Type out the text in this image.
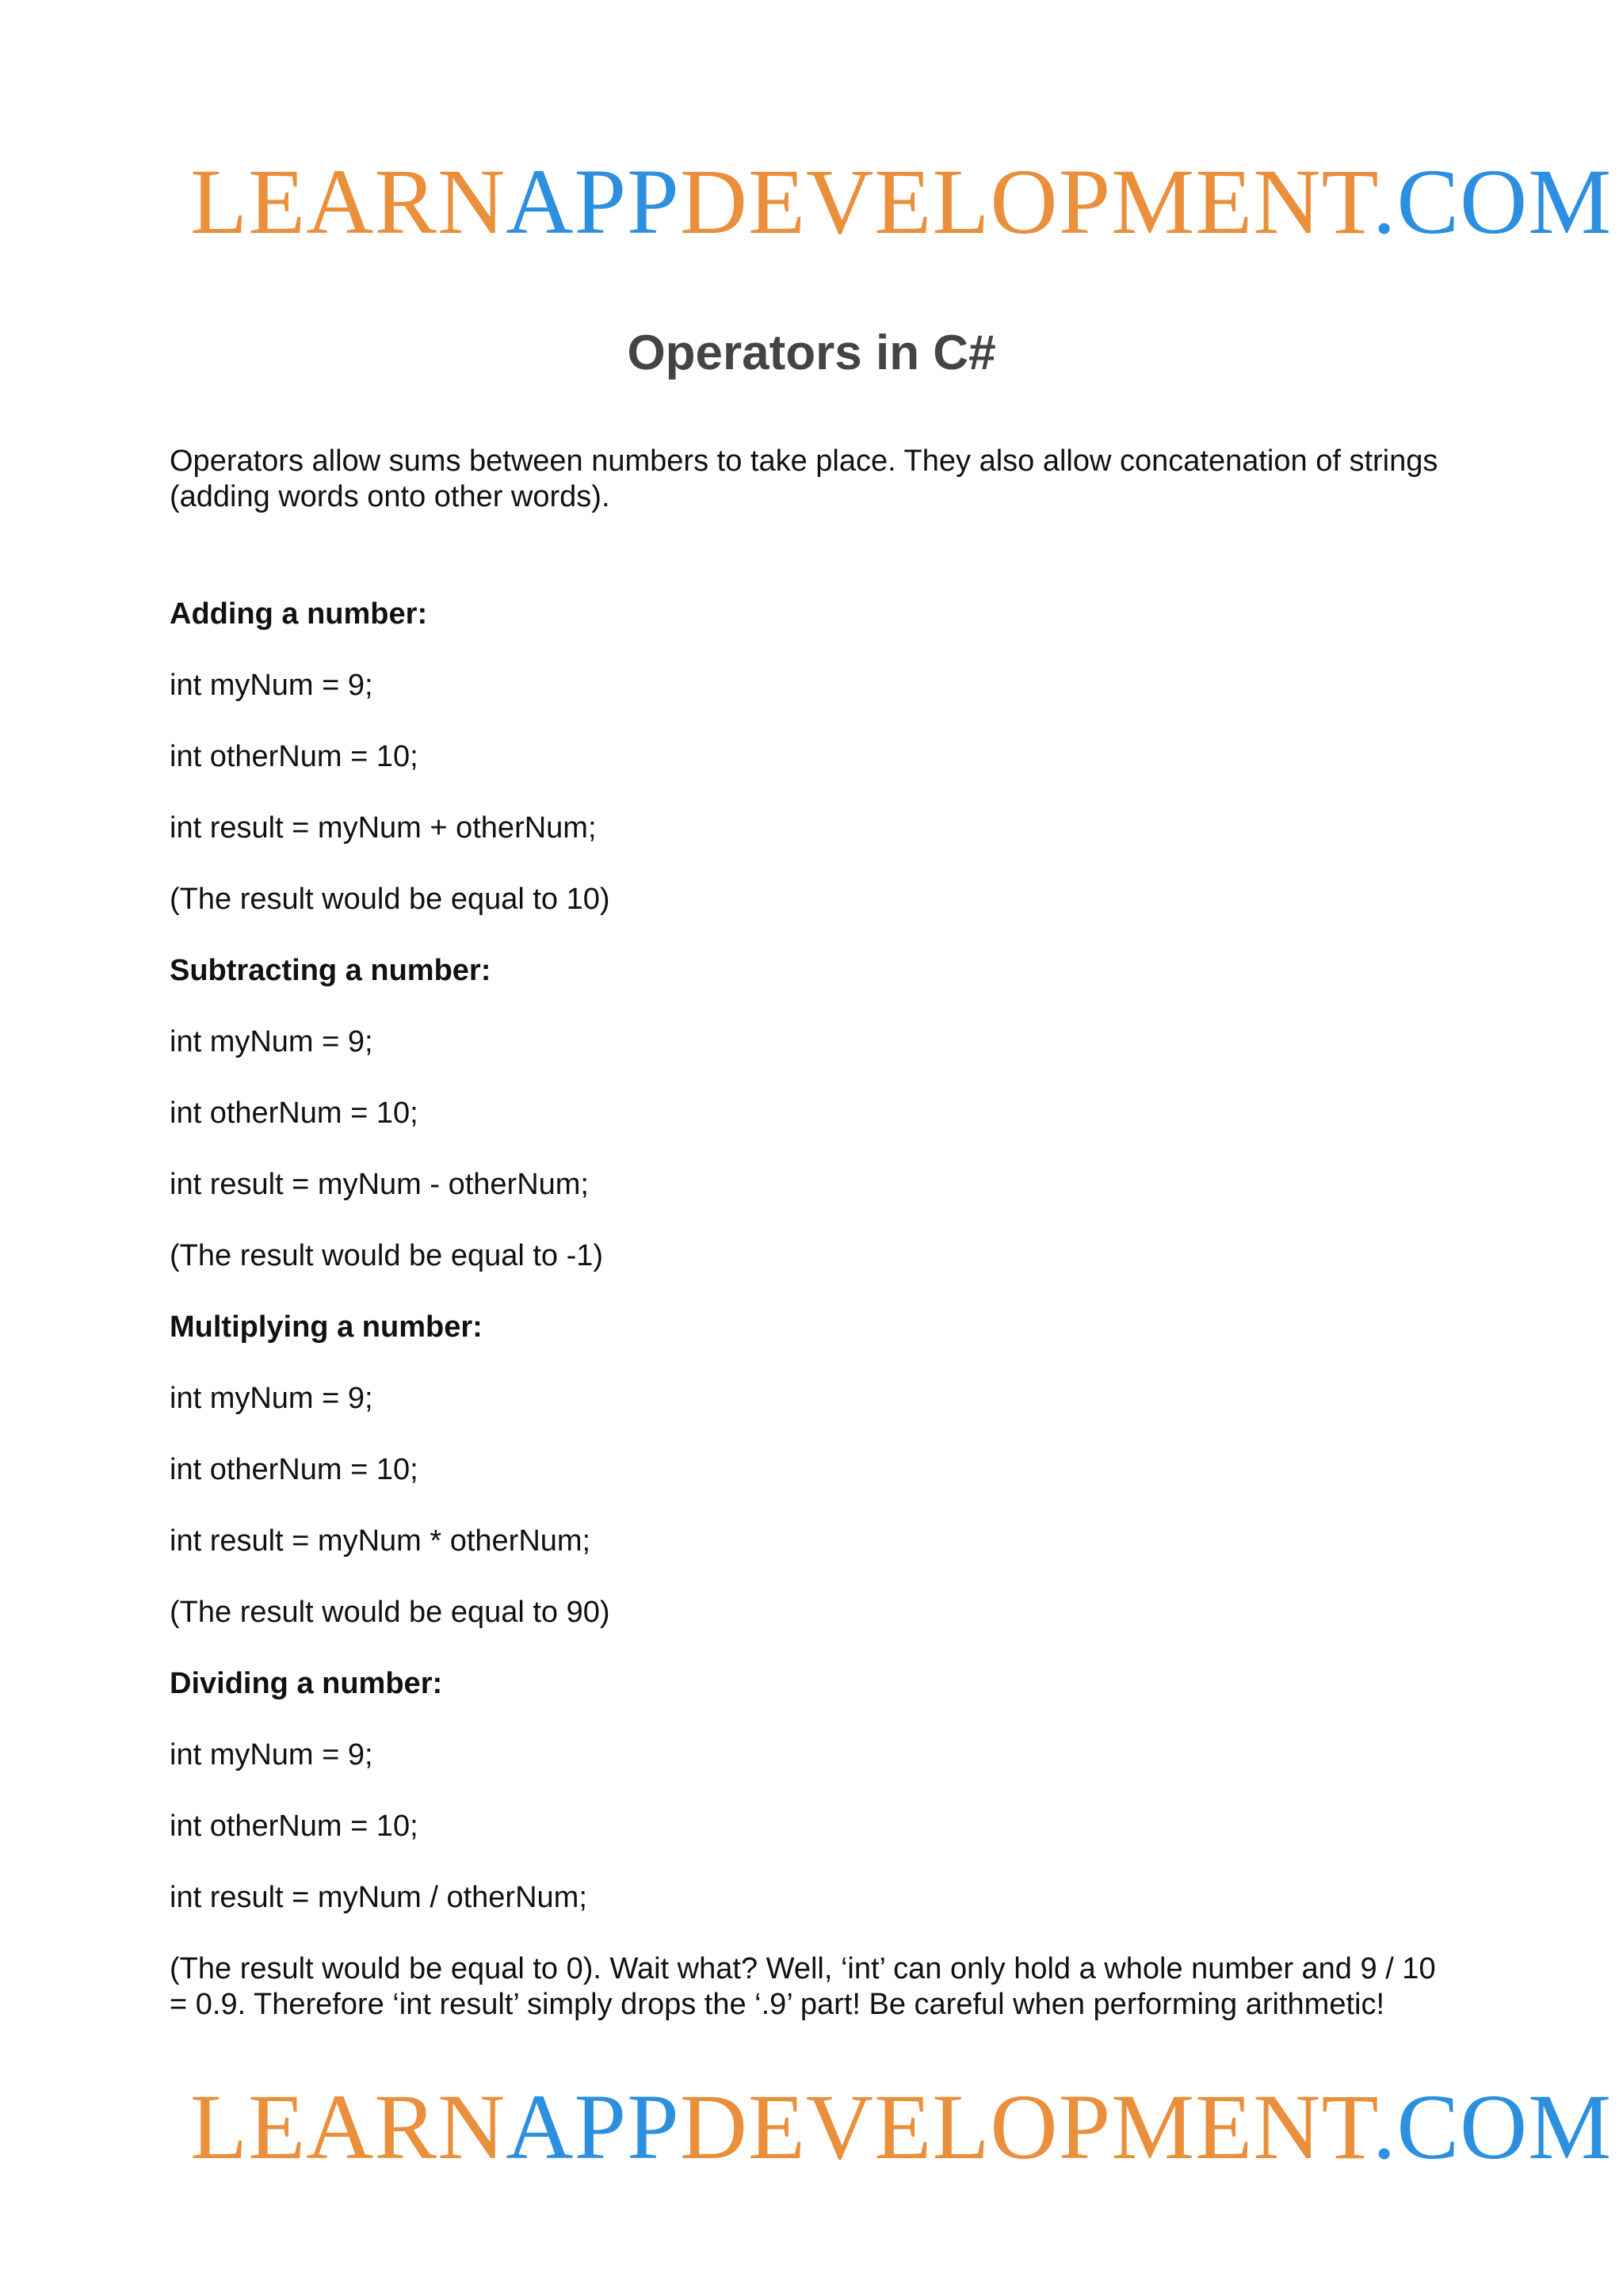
LEARNAPPDEVELOPMENT.COM
Operators in C#

Operators allow sums between numbers to take place. They also allow concatenation of strings (adding words onto other words).

Adding a number:

int myNum = 9;

int otherNum = 10;

int result = myNum + otherNum;

(The result would be equal to 10)

Subtracting a number:

int myNum = 9;

int otherNum = 10;

int result = myNum - otherNum;

(The result would be equal to -1)

Multiplying a number:

int myNum = 9;

int otherNum = 10;

int result = myNum * otherNum;

(The result would be equal to 90)

Dividing a number:

int myNum = 9;

int otherNum = 10;

int result = myNum / otherNum;

(The result would be equal to 0). Wait what? Well, ‘int’ can only hold a whole number and 9 / 10 = 0.9. Therefore ‘int result’ simply drops the ‘.9’ part! Be careful when performing arithmetic!

LEARNAPPDEVELOPMENT.COM
